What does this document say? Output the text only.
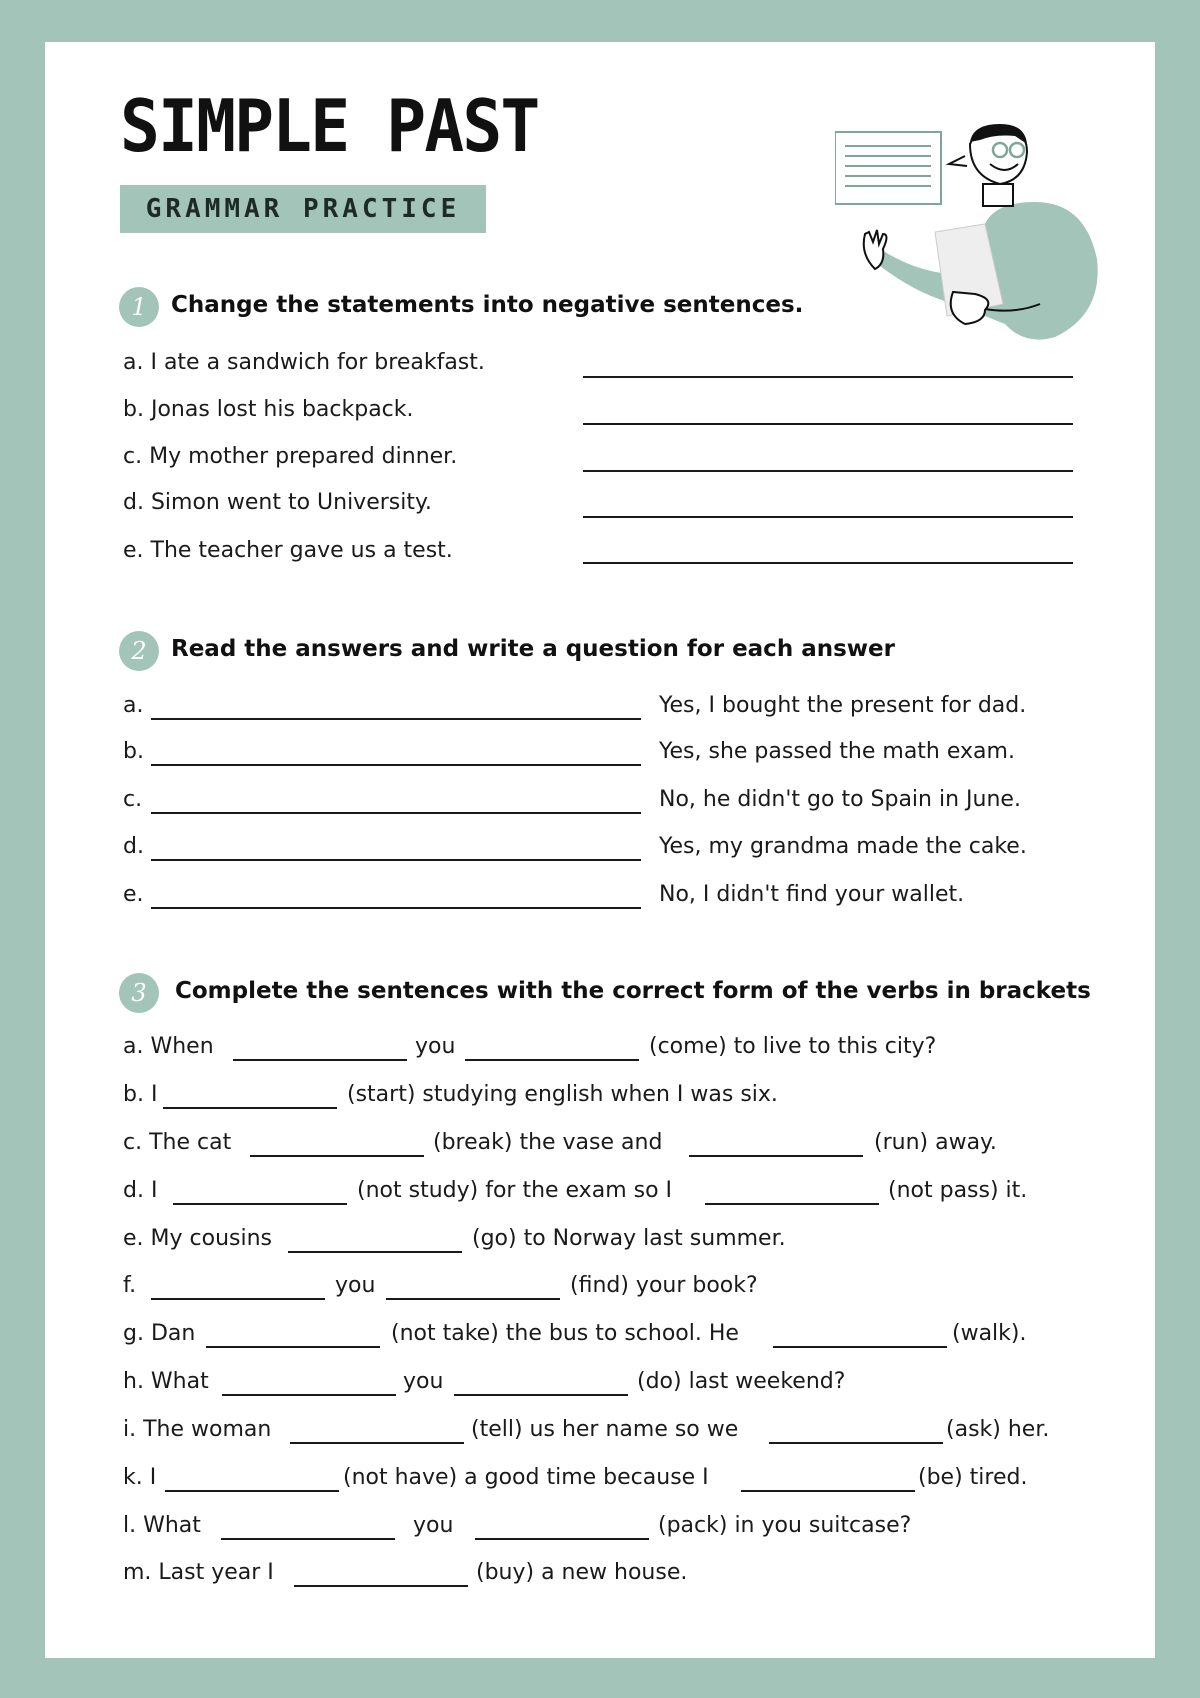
SIMPLE PAST
GRAMMAR PRACTICE
1	Change the statements into negative sentences.
a. I ate a sandwich for breakfast.
b. Jonas lost his backpack.
c. My mother prepared dinner.
d. Simon went to University.
e. The teacher gave us a test.
2	Read the answers and write a question for each answer
a.	Yes, I bought the present for dad.
b.	Yes, she passed the math exam.
c.	No, he didn't go to Spain in June.
d.	Yes, my grandma made the cake.
e.	No, I didn't find your wallet.
3	Complete the sentences with the correct form of the verbs in brackets
a. When	you	(come) to live to this city?
b. I	(start) studying english when I was six.
c. The cat	(break) the vase and	(run) away.
d. I	(not study) for the exam so I	(not pass) it.
e. My cousins	(go) to Norway last summer.
f.	you	(find) your book?
g. Dan	(not take) the bus to school. He	(walk).
h. What	you	(do) last weekend?
i. The woman	(tell) us her name so we	(ask) her.
k. I	(not have) a good time because I	(be) tired.
l. What	you	(pack) in you suitcase?
m. Last year I	(buy) a new house.
